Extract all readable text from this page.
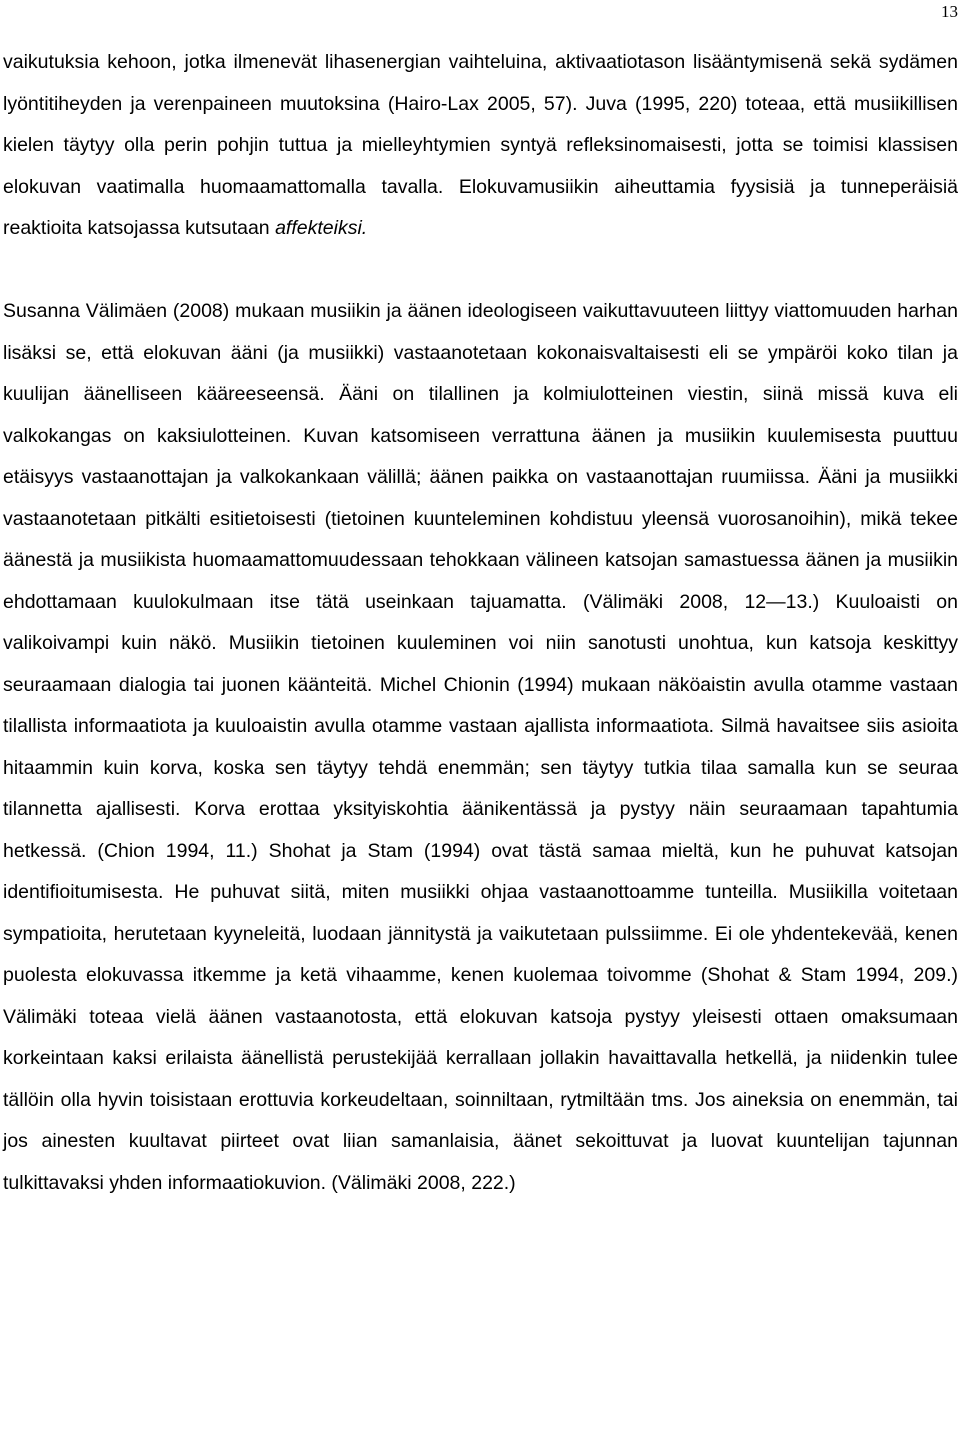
13

vaikutuksia kehoon, jotka ilmenevät lihasenergian vaihteluina, aktivaatiotason lisääntymisenä sekä sydämen lyöntitiheyden ja verenpaineen muutoksina (Hairo-Lax 2005, 57). Juva (1995, 220) toteaa, että musiikillisen kielen täytyy olla perin pohjin tuttua ja mielleyhtymien syntyä refleksinomaisesti, jotta se toimisi klassisen elokuvan vaatimalla huomaamattomalla tavalla. Elokuvamusiikin aiheuttamia fyysisiä ja tunneperäisiä reaktioita katsojassa kutsutaan affekteiksi.

Susanna Välimäen (2008) mukaan musiikin ja äänen ideologiseen vaikuttavuuteen liittyy viattomuuden harhan lisäksi se, että elokuvan ääni (ja musiikki) vastaanotetaan kokonaisvaltaisesti eli se ympäröi koko tilan ja kuulijan äänelliseen kääreeseensä. Ääni on tilallinen ja kolmiulotteinen viestin, siinä missä kuva eli valkokangas on kaksiulotteinen. Kuvan katsomiseen verrattuna äänen ja musiikin kuulemisesta puuttuu etäisyys vastaanottajan ja valkokankaan välillä; äänen paikka on vastaanottajan ruumiissa. Ääni ja musiikki vastaanotetaan pitkälti esitietoisesti (tietoinen kuunteleminen kohdistuu yleensä vuorosanoihin), mikä tekee äänestä ja musiikista huomaamattomuudessaan tehokkaan välineen katsojan samastuessa äänen ja musiikin ehdottamaan kuulokulmaan itse tätä useinkaan tajuamatta. (Välimäki 2008, 12—13.) Kuuloaisti on valikoivampi kuin näkö. Musiikin tietoinen kuuleminen voi niin sanotusti unohtua, kun katsoja keskittyy seuraamaan dialogia tai juonen käänteitä. Michel Chionin (1994) mukaan näköaistin avulla otamme vastaan tilallista informaatiota ja kuuloaistin avulla otamme vastaan ajallista informaatiota. Silmä havaitsee siis asioita hitaammin kuin korva, koska sen täytyy tehdä enemmän; sen täytyy tutkia tilaa samalla kun se seuraa tilannetta ajallisesti. Korva erottaa yksityiskohtia äänikentässä ja pystyy näin seuraamaan tapahtumia hetkessä. (Chion 1994, 11.) Shohat ja Stam (1994) ovat tästä samaa mieltä, kun he puhuvat katsojan identifioitumisesta. He puhuvat siitä, miten musiikki ohjaa vastaanottoamme tunteilla. Musiikilla voitetaan sympatioita, herutetaan kyyneleitä, luodaan jännitystä ja vaikutetaan pulssiimme. Ei ole yhdentekevää, kenen puolesta elokuvassa itkemme ja ketä vihaamme, kenen kuolemaa toivomme (Shohat & Stam 1994, 209.) Välimäki toteaa vielä äänen vastaanotosta, että elokuvan katsoja pystyy yleisesti ottaen omaksumaan korkeintaan kaksi erilaista äänellistä perustekijää kerrallaan jollakin havaittavalla hetkellä, ja niidenkin tulee tällöin olla hyvin toisistaan erottuvia korkeudeltaan, soinniltaan, rytmiltään tms. Jos aineksia on enemmän, tai jos ainesten kuultavat piirteet ovat liian samanlaisia, äänet sekoittuvat ja luovat kuuntelijan tajunnan tulkittavaksi yhden informaatiokuvion. (Välimäki 2008, 222.)
